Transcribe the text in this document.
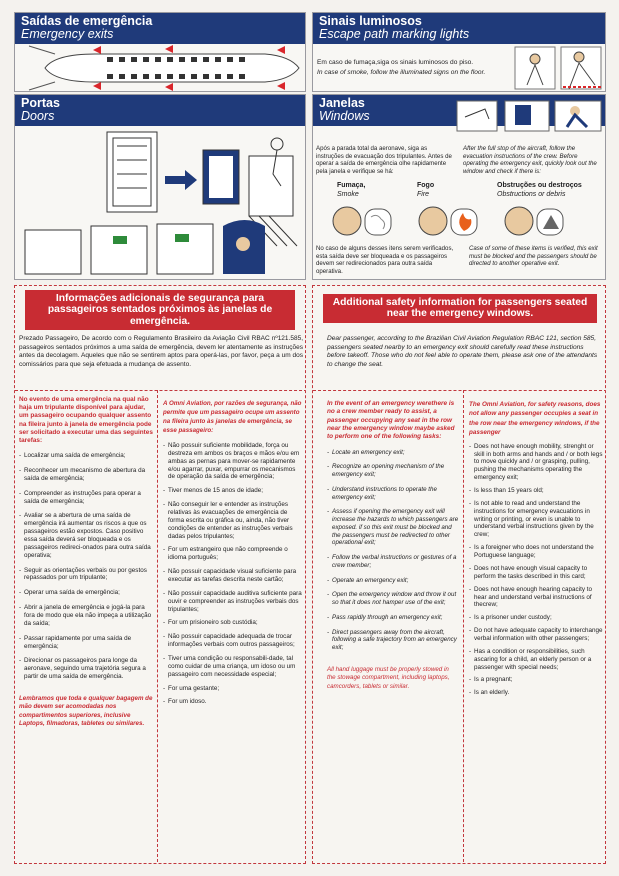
Saídas de emergência
Emergency exits
Sinais luminosos
Escape path marking lights
Em caso de fumaça,siga os sinais luminosos do piso.
In case of smoke, follow the illuminated signs on the floor.
Portas
Doors
Janelas
Windows
Após a parada total da aeronave, siga as instruções de evacuação dos tripulantes. Antes de operar a saída de emergência olhe rapidamente pela janela e verifique se há:
After the full stop of the aircraft, follow the evacuation instructions of the crew. Before operating the emergency exit, quickly look out the window and check if there is:
Fumaça,
Smoke
Fogo
Fire
Obstruções ou destroços
Obstructions or debris
No caso de alguns desses itens serem verificados, esta saída deve ser bloqueada e os passageiros devem ser redirecionados para outra saída operativa.
Case of some of these items is verified, this exit must be blocked and the passengers should be directed to another operative exit.
Informações adicionais de segurança para passageiros sentados próximos às janelas de emergência.
Prezado Passageiro, De acordo com o Regulamento Brasileiro da Aviação Civil RBAC nº121.585, passageiros sentados próximos a uma saída de emergência, devem ler atentamente as instruções antes da decolagem. Aqueles que não se sentirem aptos para operá-las, por favor, peça a um dos comissários para que seja efetuada a mudança de assento.
No evento de uma emergência na qual não haja um tripulante disponível para ajudar, um passageiro ocupando qualquer assento na fileira junto à janela de emergência pode ser solicitado a executar uma das seguintes tarefas:
- Localizar uma saída de emergência;
- Reconhecer um mecanismo de abertura da saída de emergência;
- Compreender as instruções para operar a saída de emergência;
- Avaliar se a abertura de uma saída de emergência irá aumentar os riscos a que os passageiros estão expostos. Caso positivo essa saída deverá ser bloqueada e os passageiros redireci-onados para outra saída operativa;
- Seguir as orientações verbais ou por gestos repassados por um tripulante;
- Operar uma saída de emergência;
- Abrir a janela de emergência e jogá-la para fora de modo que ela não impeça a utilização da saída;
- Passar rapidamente por uma saída de emergência;
- Direcionar os passageiros para longe da aeronave, seguindo uma trajetória segura a partir de uma saída de emergência.
Lembramos que toda e qualquer bagagem de mão devem ser acomodadas nos compartimentos superiores, inclusive Laptops, filmadoras, tabletes ou similares.
A Omni Aviation, por razões de segurança, não permite que um passageiro ocupe um assento na fileira junto às janelas de emergência, se esse passageiro:
- Não possuir suficiente mobilidade, força ou destreza em ambos os braços e mãos e/ou em ambas as pernas para mover-se rapidamente e/ou agarrar, puxar, empurrar os mecanismos de operação da saída de emergência;
- Tiver menos de 15 anos de idade;
- Não conseguir ler e entender as instruções relativas às evacuações de emergência de forma escrita ou gráfica ou, ainda, não tiver condições de entender as instruções verbais dadas pelos tripulantes;
- For um estrangeiro que não compreende o idioma português;
- Não possuir capacidade visual suficiente para executar as tarefas descrita neste cartão;
- Não possuir capacidade auditiva suficiente para ouvir e compreender as instruções verbais dos tripulantes;
- For um prisioneiro sob custódia;
- Não possuir capacidade adequada de trocar informações verbais com outros passageiros;
- Tiver uma condição ou responsabili-dade, tal como cuidar de uma criança, um idoso ou um passageiro com necessidade especial;
- For uma gestante;
- For um idoso.
Additional safety information for passengers seated near the emergency windows.
Dear passenger, according to the Brazilian Civil Aviation Regulation RBAC 121, section 585, passengers seated nearby to an emergency exit should carefully read these instructions before takeoff. Those who do not feel able to operate them, please ask one of the attendants to change the seat.
In the event of an emergency werethere is no a crew member ready to assist, a passenger occupying any seat in the row near the emergency window maybe asked to perform one of the following tasks:
- Locate an emergency exit;
- Recognize an opening mechanism of the emergency exit;
- Understand instructions to operate the emergency exit;
- Assess if opening the emergency exit will increase the hazards to which passengers are exposed. if so this exit must be blocked and the passengers must be redirected to other operational exit;
- Follow the verbal instructions or gestures of a crew member;
- Operate an emergency exit;
- Open the emergency window and throw it out so that it does not hamper use of the exit;
- Pass rapidly through an emergency exit;
- Direct passengers away from the aircraft, following a safe trajectory from an emergency exit;
All hand luggage must be properly stowed in the stowage compartment, including laptops, camcorders, tablets or similar.
The Omni Aviation, for safety reasons, does not allow any passenger occupies a seat in the row near the emergency windows, if the passenger
- Does not have enough mobility, strenght or skill in both arms and hands and / or both legs to move quickly and / or grasping, pulling, pushing the mechanisms operating the emergency exit;
- Is less than 15 years old;
- Is not able to read and understand the instructions for emergency evacuations in writing or printing, or even is unable to understand verbal instructions given by the crew;
- Is a foreigner who does not understand the Portuguese language;
- Does not have enough visual capacity to perform the tasks described in this card;
- Does not have enough hearing capacity to hear and understand verbal instructions of thecrew;
- Is a prisoner under custody;
- Do not have adequate capacity to interchange verbal information with other passengers;
- Has a condition or responsibilities, such ascaring for a child, an elderly person or a passenger with special needs;
- Is a pregnant;
- Is an elderly.
